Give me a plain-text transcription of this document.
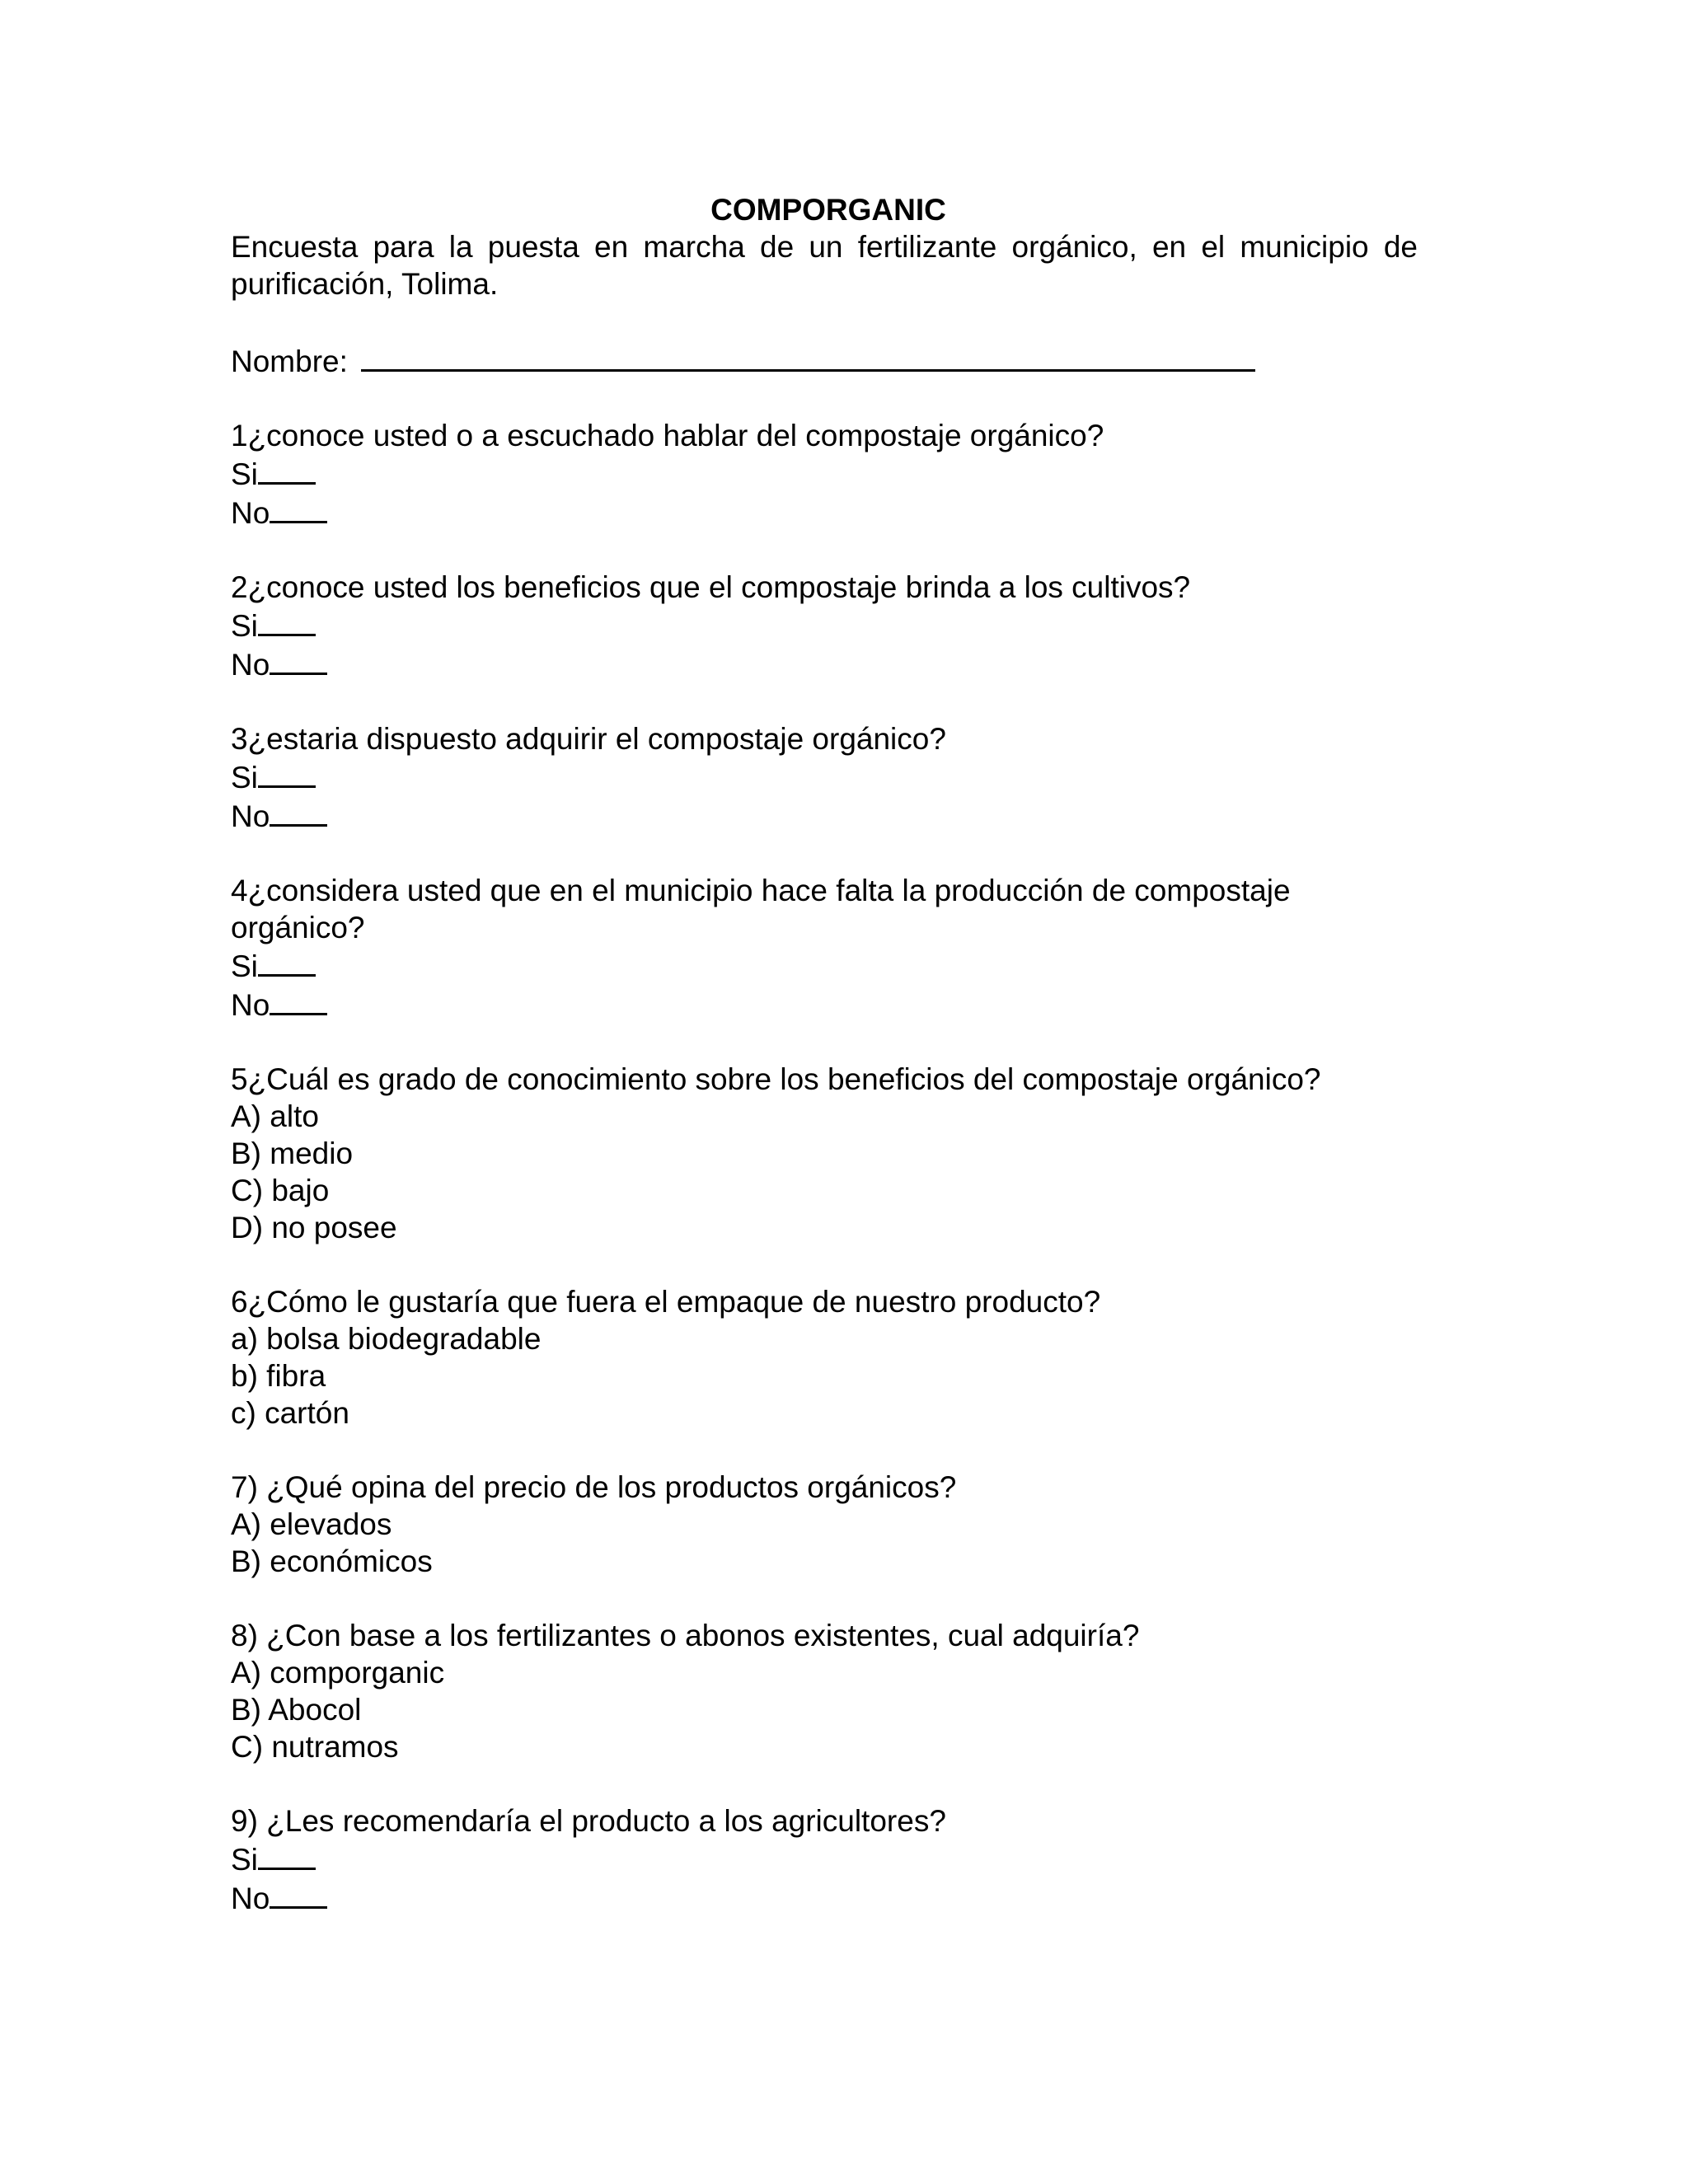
COMPORGANIC

Encuesta para la puesta en marcha de un fertilizante orgánico, en el municipio de purificación, Tolima.

Nombre:

1¿conoce usted o a escuchado hablar del compostaje orgánico?

Si

No

2¿conoce usted los beneficios que el compostaje brinda a los cultivos?

Si

No

3¿estaria dispuesto adquirir el compostaje orgánico?

Si

No

4¿considera usted que en el municipio hace falta la producción de compostaje orgánico?

Si

No

5¿Cuál es grado de conocimiento sobre los beneficios del compostaje orgánico?

A) alto

B) medio

C) bajo

D) no posee

6¿Cómo le gustaría que fuera el empaque de nuestro producto?

a) bolsa biodegradable

b) fibra

c) cartón

7) ¿Qué opina del precio de los productos orgánicos?

A) elevados

B) económicos

8) ¿Con base a los fertilizantes o abonos existentes, cual adquiría?

A) comporganic

B) Abocol

C) nutramos

9) ¿Les recomendaría el producto a los agricultores?

Si

No
